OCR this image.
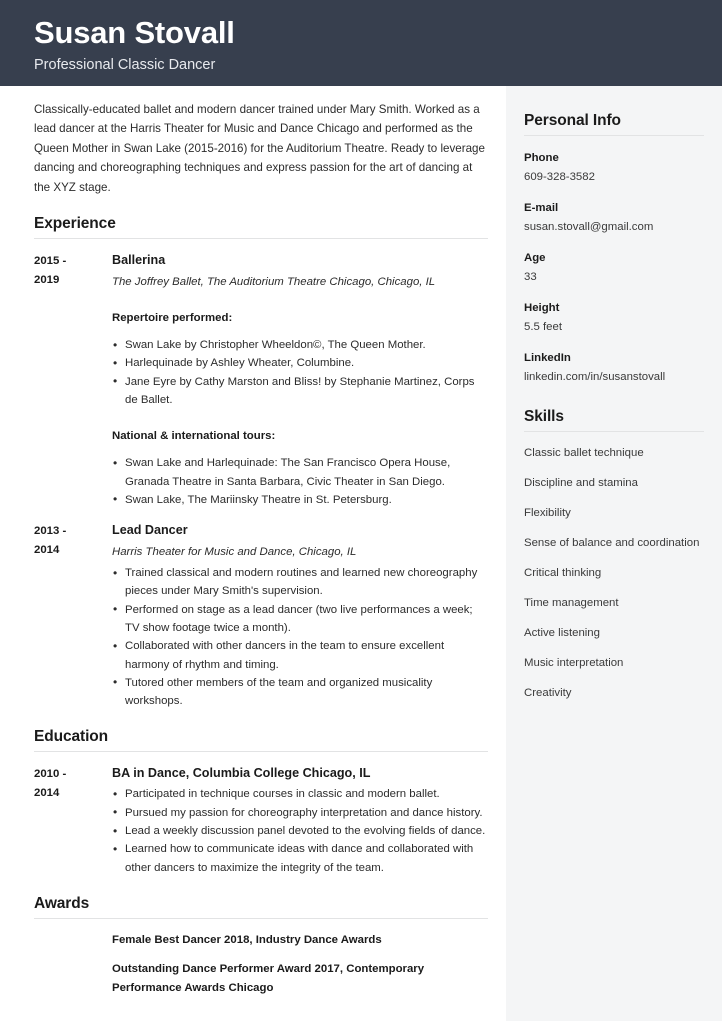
Susan Stovall
Professional Classic Dancer

Classically-educated ballet and modern dancer trained under Mary Smith. Worked as a lead dancer at the Harris Theater for Music and Dance Chicago and performed as the Queen Mother in Swan Lake (2015-2016) for the Auditorium Theatre. Ready to leverage dancing and choreographing techniques and express passion for the art of dancing at the XYZ stage.

Experience
2015 -
2019
Ballerina
The Joffrey Ballet, The Auditorium Theatre Chicago, Chicago, IL
Repertoire performed:
• Swan Lake by Christopher Wheeldon©, The Queen Mother.
• Harlequinade by Ashley Wheater, Columbine.
• Jane Eyre by Cathy Marston and Bliss! by Stephanie Martinez, Corps de Ballet.
National & international tours:
• Swan Lake and Harlequinade: The San Francisco Opera House, Granada Theatre in Santa Barbara, Civic Theater in San Diego.
• Swan Lake, The Mariinsky Theatre in St. Petersburg.
2013 -
2014
Lead Dancer
Harris Theater for Music and Dance, Chicago, IL
• Trained classical and modern routines and learned new choreography pieces under Mary Smith's supervision.
• Performed on stage as a lead dancer (two live performances a week; TV show footage twice a month).
• Collaborated with other dancers in the team to ensure excellent harmony of rhythm and timing.
• Tutored other members of the team and organized musicality workshops.
Education
2010 -
2014
BA in Dance, Columbia College Chicago, IL
• Participated in technique courses in classic and modern ballet.
• Pursued my passion for choreography interpretation and dance history.
• Lead a weekly discussion panel devoted to the evolving fields of dance.
• Learned how to communicate ideas with dance and collaborated with other dancers to maximize the integrity of the team.
Awards
Female Best Dancer 2018, Industry Dance Awards
Outstanding Dance Performer Award 2017, Contemporary Performance Awards Chicago
Personal Info
Phone
609-328-3582
E-mail
susan.stovall@gmail.com
Age
33
Height
5.5 feet
LinkedIn
linkedin.com/in/susanstovall
Skills
Classic ballet technique
Discipline and stamina
Flexibility
Sense of balance and coordination
Critical thinking
Time management
Active listening
Music interpretation
Creativity
